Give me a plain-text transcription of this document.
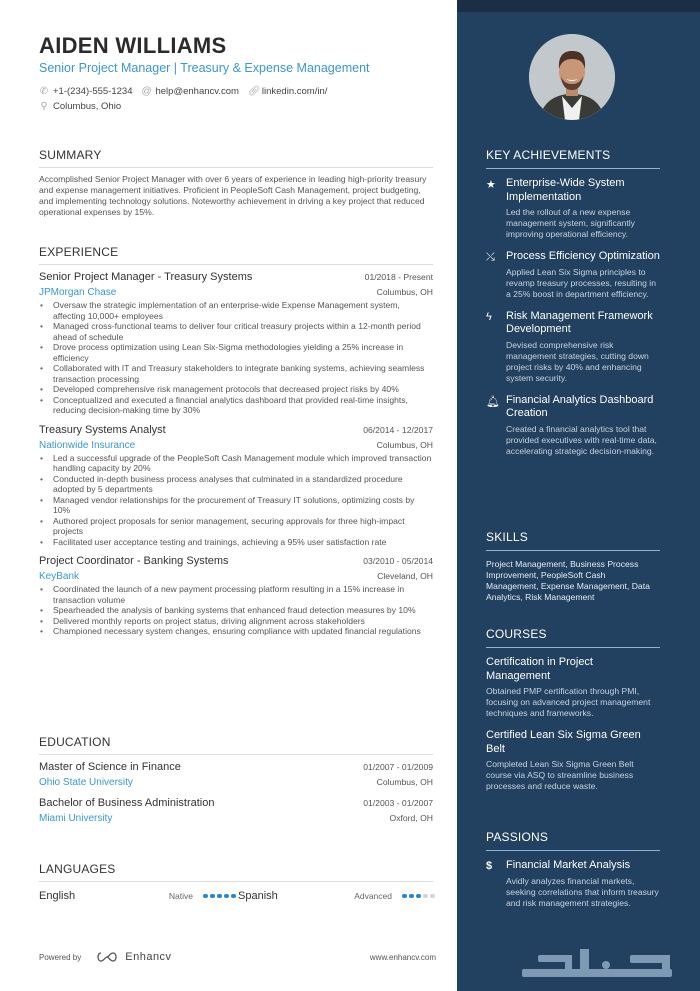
AIDEN WILLIAMS
Senior Project Manager | Treasury & Expense Management
✆ +1-(234)-555-1234 @ help@enhancv.com 🔗︎ linkedin.com/in/
⚲ Columbus, Ohio
SUMMARY
Accomplished Senior Project Manager with over 6 years of experience in leading high-priority treasury and expense management initiatives. Proficient in PeopleSoft Cash Management, project budgeting, and implementing technology solutions. Noteworthy achievement in driving a key project that reduced operational expenses by 15%.
EXPERIENCE
Senior Project Manager - Treasury Systems	01/2018 - Present
JPMorgan Chase	Columbus, OH
• Oversaw the strategic implementation of an enterprise-wide Expense Management system, affecting 10,000+ employees
• Managed cross-functional teams to deliver four critical treasury projects within a 12-month period ahead of schedule
• Drove process optimization using Lean Six-Sigma methodologies yielding a 25% increase in efficiency
• Collaborated with IT and Treasury stakeholders to integrate banking systems, achieving seamless transaction processing
• Developed comprehensive risk management protocols that decreased project risks by 40%
• Conceptualized and executed a financial analytics dashboard that provided real-time insights, reducing decision-making time by 30%
Treasury Systems Analyst	06/2014 - 12/2017
Nationwide Insurance	Columbus, OH
• Led a successful upgrade of the PeopleSoft Cash Management module which improved transaction handling capacity by 20%
• Conducted in-depth business process analyses that culminated in a standardized procedure adopted by 5 departments
• Managed vendor relationships for the procurement of Treasury IT solutions, optimizing costs by 10%
• Authored project proposals for senior management, securing approvals for three high-impact projects
• Facilitated user acceptance testing and trainings, achieving a 95% user satisfaction rate
Project Coordinator - Banking Systems	03/2010 - 05/2014
KeyBank	Cleveland, OH
• Coordinated the launch of a new payment processing platform resulting in a 15% increase in transaction volume
• Spearheaded the analysis of banking systems that enhanced fraud detection measures by 10%
• Delivered monthly reports on project status, driving alignment across stakeholders
• Championed necessary system changes, ensuring compliance with updated financial regulations
EDUCATION
Master of Science in Finance	01/2007 - 01/2009
Ohio State University	Columbus, OH
Bachelor of Business Administration	01/2003 - 01/2007
Miami University	Oxford, OH
LANGUAGES
English	Native	Spanish	Advanced
Powered by	Enhancv	www.enhancv.com
KEY ACHIEVEMENTS
★ Enterprise-Wide System Implementation
Led the rollout of a new expense management system, significantly improving operational efficiency.
⤯	Process Efficiency Optimization
Applied Lean Six Sigma principles to revamp treasury processes, resulting in a 25% boost in department efficiency.
ϟ	Risk Management Framework Development
Devised comprehensive risk management strategies, cutting down project risks by 40% and enhancing system security.
🔔︎ Financial Analytics Dashboard Creation
Created a financial analytics tool that provided executives with real-time data, accelerating strategic decision-making.
SKILLS
Project Management, Business Process Improvement, PeopleSoft Cash Management, Expense Management, Data Analytics, Risk Management
COURSES
Certification in Project Management
Obtained PMP certification through PMI, focusing on advanced project management techniques and frameworks.
Certified Lean Six Sigma Green Belt
Completed Lean Six Sigma Green Belt course via ASQ to streamline business processes and reduce waste.
PASSIONS
$	Financial Market Analysis
Avidly analyzes financial markets, seeking correlations that inform treasury and risk management strategies.
